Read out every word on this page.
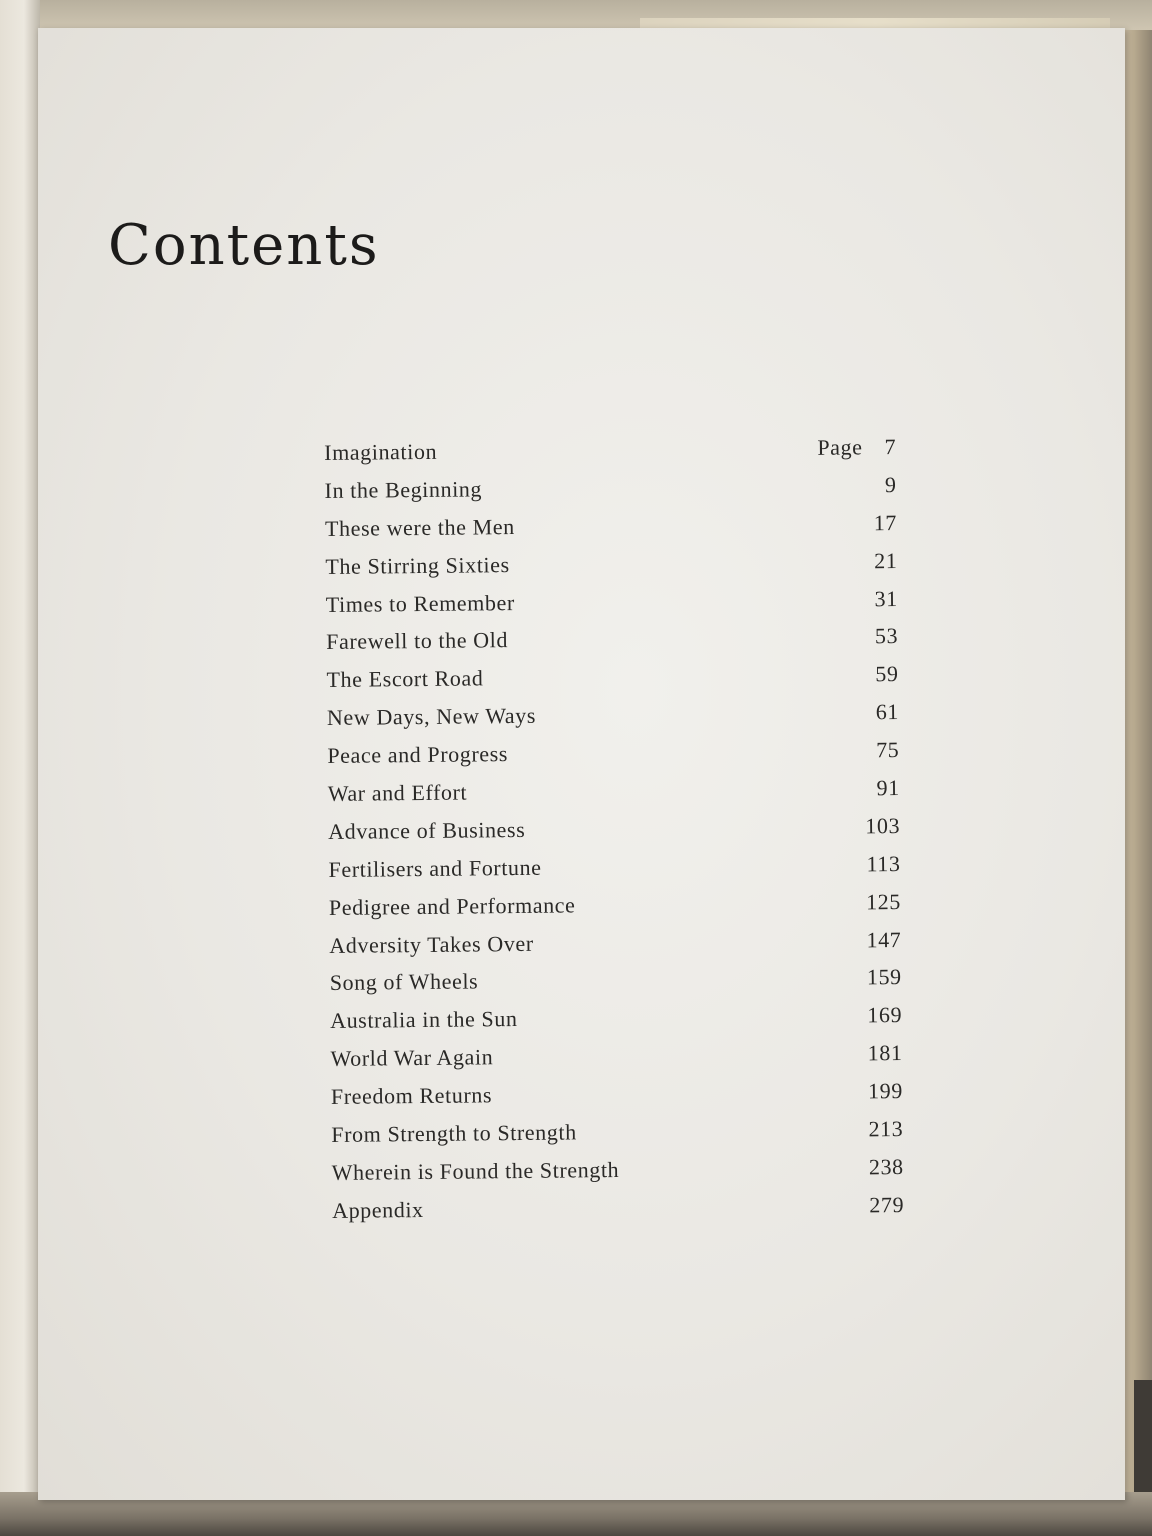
Contents
Imagination	Page 7
In the Beginning	9
These were the Men	17
The Stirring Sixties	21
Times to Remember	31
Farewell to the Old	53
The Escort Road	59
New Days, New Ways	61
Peace and Progress	75
War and Effort	91
Advance of Business	103
Fertilisers and Fortune	113
Pedigree and Performance	125
Adversity Takes Over	147
Song of Wheels	159
Australia in the Sun	169
World War Again	181
Freedom Returns	199
From Strength to Strength	213
Wherein is Found the Strength	238
Appendix	279
